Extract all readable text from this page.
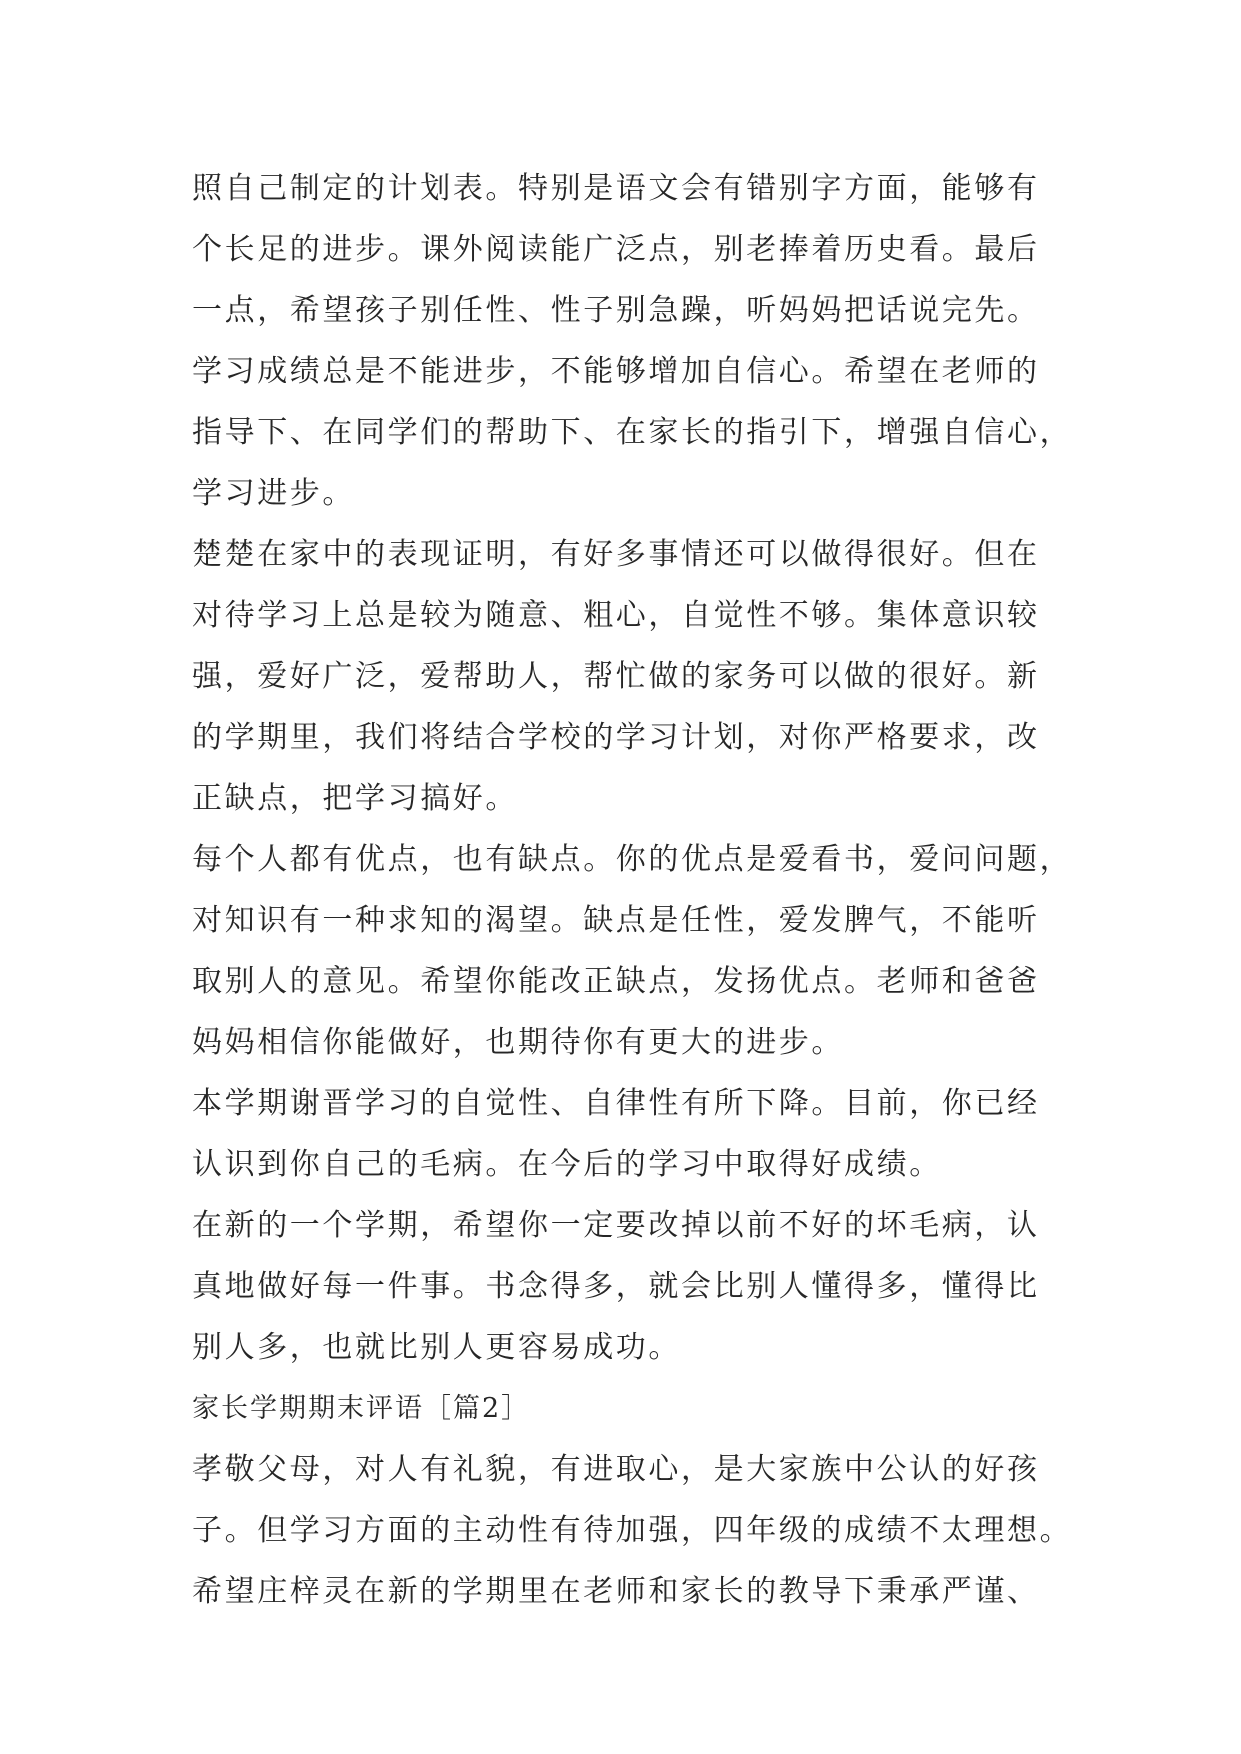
照自己制定的计划表。特别是语文会有错别字方面，能够有
个长足的进步。课外阅读能广泛点，别老捧着历史看。最后
一点，希望孩子别任性、性子别急躁，听妈妈把话说完先。
学习成绩总是不能进步，不能够增加自信心。希望在老师的
指导下、在同学们的帮助下、在家长的指引下，增强自信心，
学习进步。
楚楚在家中的表现证明，有好多事情还可以做得很好。但在
对待学习上总是较为随意、粗心，自觉性不够。集体意识较
强，爱好广泛，爱帮助人，帮忙做的家务可以做的很好。新
的学期里，我们将结合学校的学习计划，对你严格要求，改
正缺点，把学习搞好。
每个人都有优点，也有缺点。你的优点是爱看书，爱问问题，
对知识有一种求知的渴望。缺点是任性，爱发脾气，不能听
取别人的意见。希望你能改正缺点，发扬优点。老师和爸爸
妈妈相信你能做好，也期待你有更大的进步。
本学期谢晋学习的自觉性、自律性有所下降。目前，你已经
认识到你自己的毛病。在今后的学习中取得好成绩。
在新的一个学期，希望你一定要改掉以前不好的坏毛病，认
真地做好每一件事。书念得多，就会比别人懂得多，懂得比
别人多，也就比别人更容易成功。
家长学期期末评语［篇2］
孝敬父母，对人有礼貌，有进取心，是大家族中公认的好孩
子。但学习方面的主动性有待加强，四年级的成绩不太理想。
希望庄梓灵在新的学期里在老师和家长的教导下秉承严谨、
